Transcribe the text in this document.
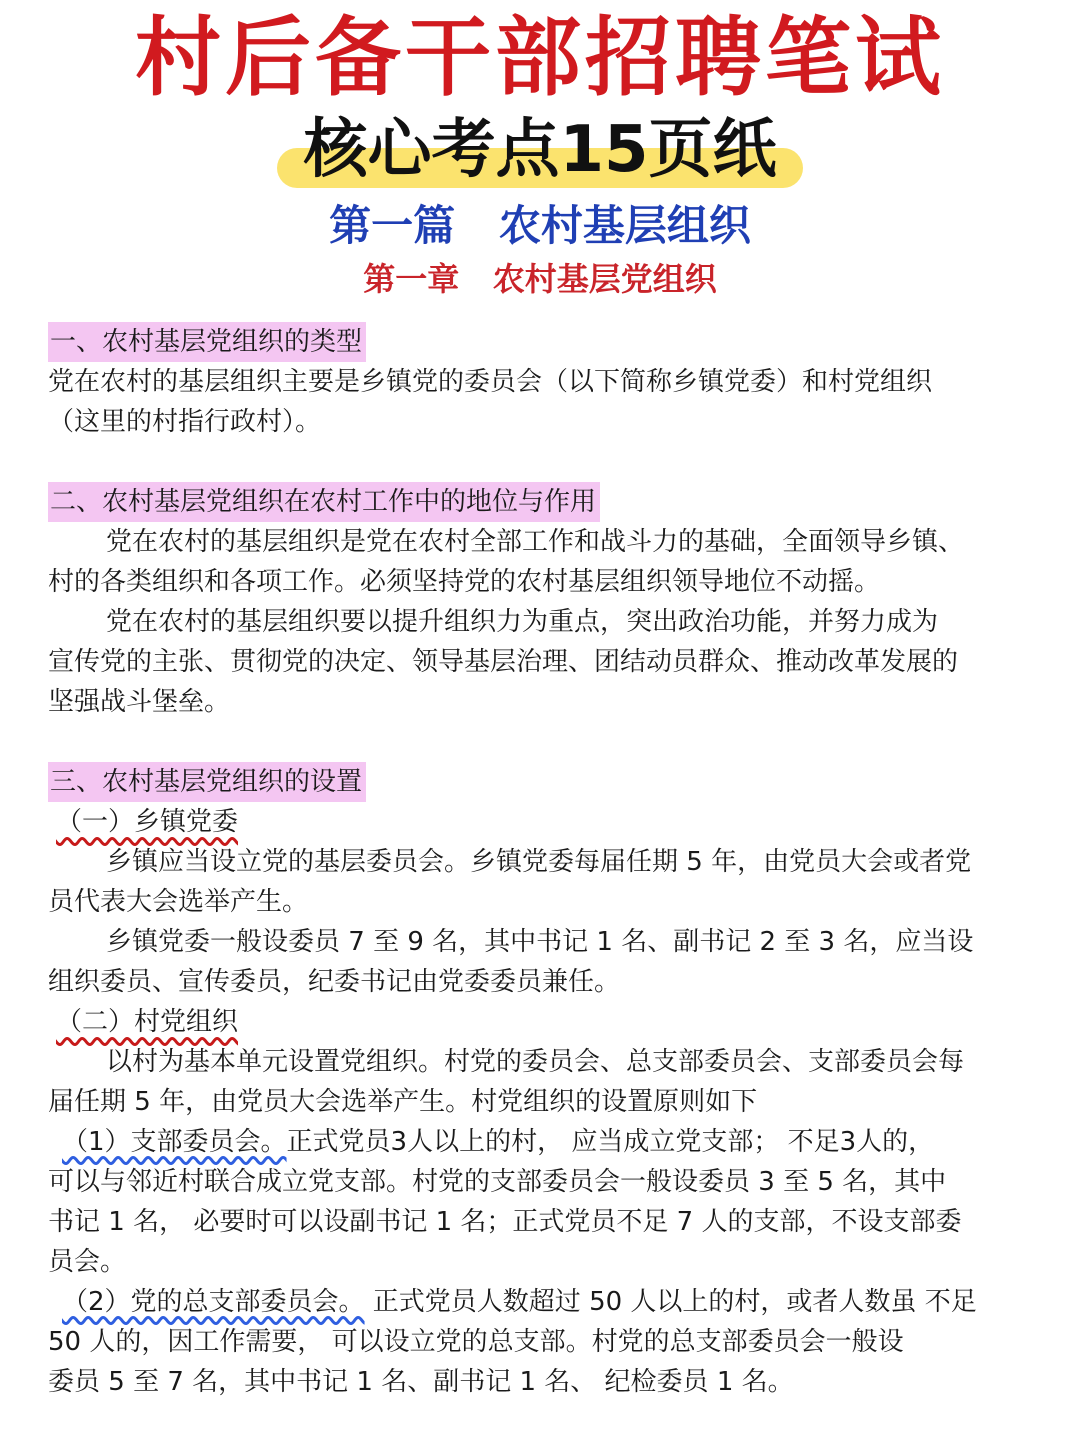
村后备干部招聘笔试
核心考点15页纸
第一篇   农村基层组织
第一章   农村基层党组织

一、农村基层党组织的类型

党在农村的基层组织主要是乡镇党的委员会（以下简称乡镇党委）和村党组织

（这里的村指行政村）。

二、农村基层党组织在农村工作中的地位与作用

党在农村的基层组织是党在农村全部工作和战斗力的基础，全面领导乡镇、

村的各类组织和各项工作。必须坚持党的农村基层组织领导地位不动摇。

党在农村的基层组织要以提升组织力为重点，突出政治功能，并努力成为

宣传党的主张、贯彻党的决定、领导基层治理、团结动员群众、推动改革发展的

坚强战斗堡垒。

三、农村基层党组织的设置

（一）乡镇党委

乡镇应当设立党的基层委员会。乡镇党委每届任期 5 年，由党员大会或者党

员代表大会选举产生。

乡镇党委一般设委员 7 至 9 名，其中书记 1 名、副书记 2 至 3 名，应当设

组织委员、宣传委员，纪委书记由党委委员兼任。

（二）村党组织

以村为基本单元设置党组织。村党的委员会、总支部委员会、支部委员会每

届任期 5 年，由党员大会选举产生。村党组织的设置原则如下

（1）支部委员会。正式党员3人以上的村， 应当成立党支部； 不足3人的，

可以与邻近村联合成立党支部。村党的支部委员会一般设委员 3 至 5 名，其中

书记 1 名， 必要时可以设副书记 1 名；正式党员不足 7 人的支部，不设支部委

员会。

（2）党的总支部委员会。 正式党员人数超过 50 人以上的村，或者人数虽 不足

50 人的，因工作需要， 可以设立党的总支部。村党的总支部委员会一般设

委员 5 至 7 名，其中书记 1 名、副书记 1 名、 纪检委员 1 名。
